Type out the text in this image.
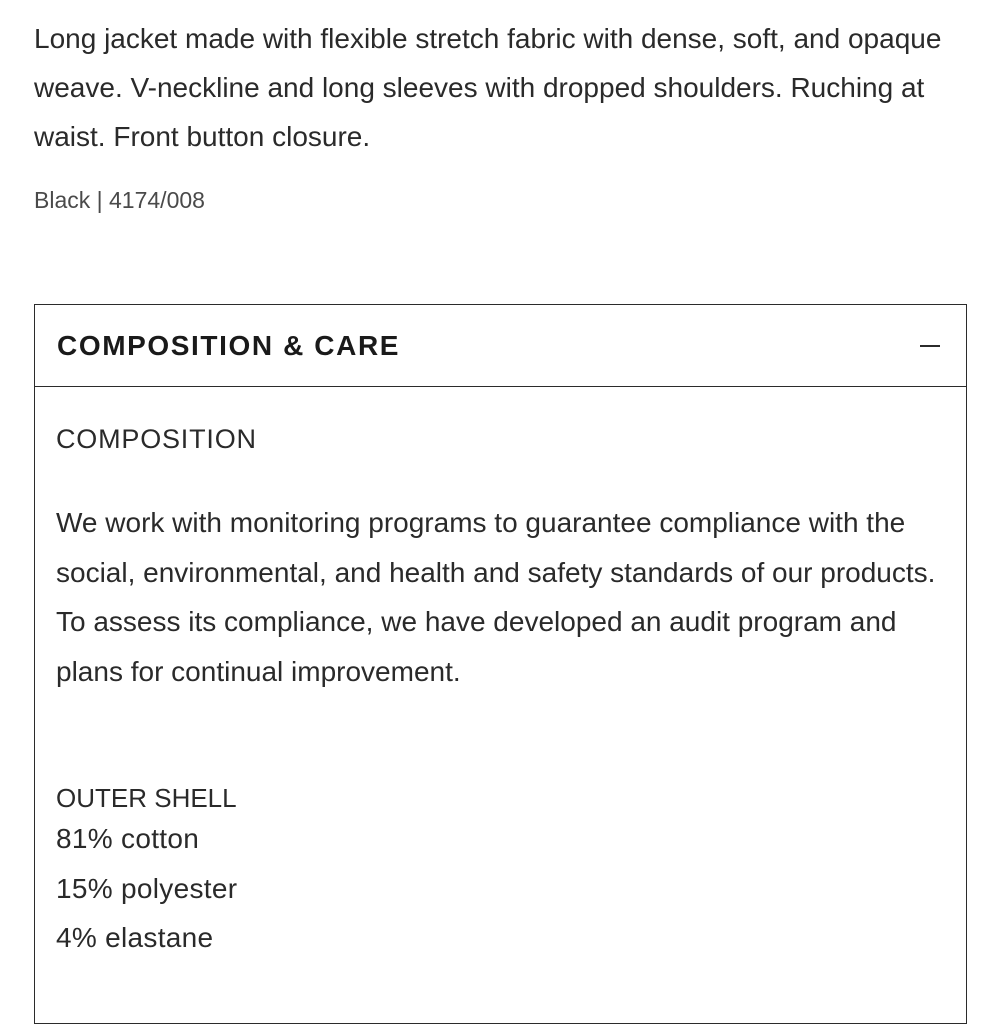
Long jacket made with flexible stretch fabric with dense, soft, and opaque weave. V-neckline and long sleeves with dropped shoulders. Ruching at waist. Front button closure.

Black | 4174/008
COMPOSITION & CARE
COMPOSITION

We work with monitoring programs to guarantee compliance with the social, environmental, and health and safety standards of our products. To assess its compliance, we have developed an audit program and plans for continual improvement.

OUTER SHELL
81% cotton
15% polyester
4% elastane
